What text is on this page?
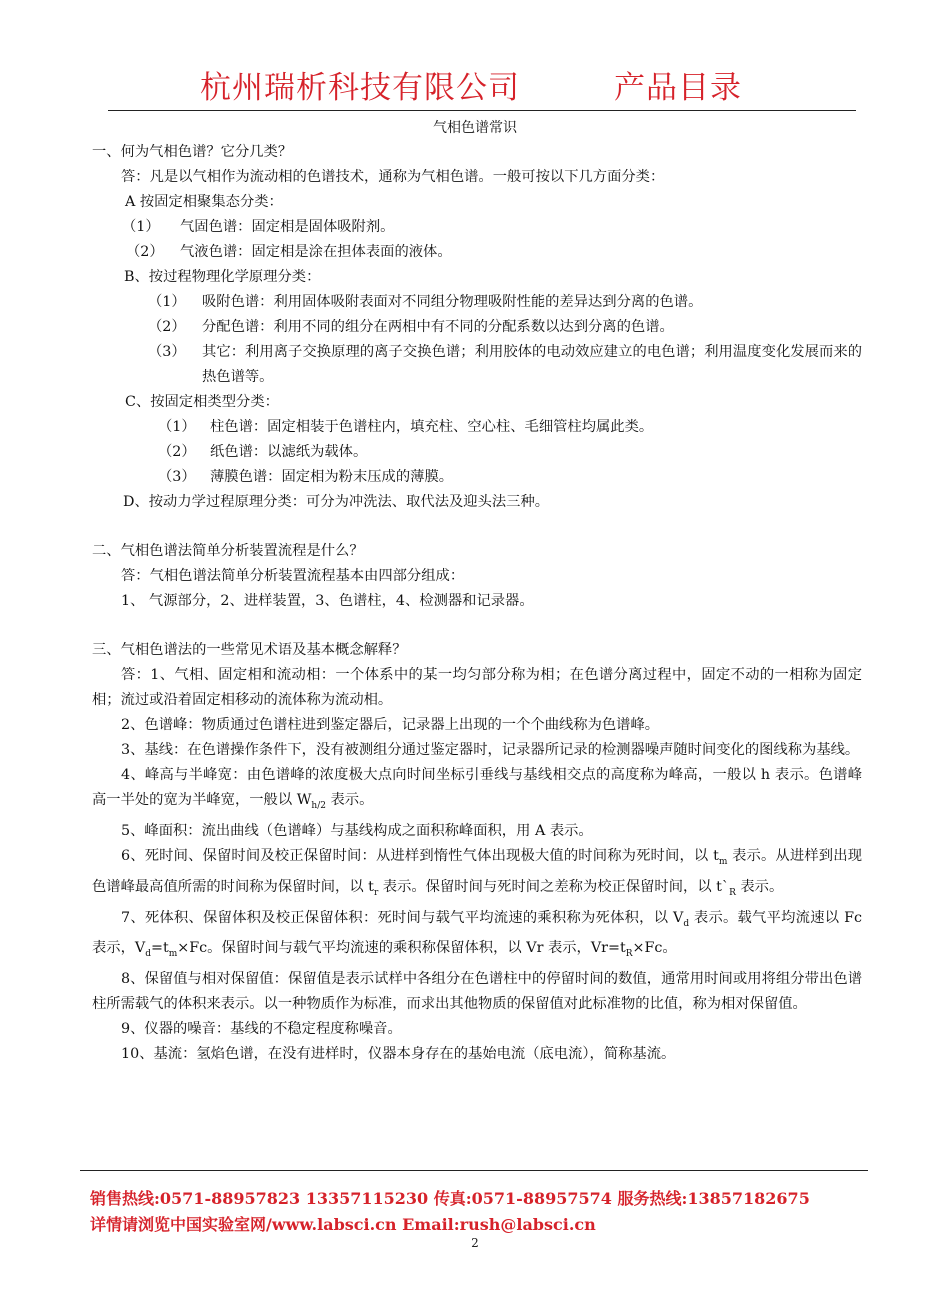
杭州瑞析科技有限公司	产品目录
气相色谱常识
一、何为气相色谱？它分几类？
答：凡是以气相作为流动相的色谱技术，通称为气相色谱。一般可按以下几方面分类：
A 按固定相聚集态分类：
（1） 气固色谱：固定相是固体吸附剂。
（2） 气液色谱：固定相是涂在担体表面的液体。
B、按过程物理化学原理分类：
（1） 吸附色谱：利用固体吸附表面对不同组分物理吸附性能的差异达到分离的色谱。
（2） 分配色谱：利用不同的组分在两相中有不同的分配系数以达到分离的色谱。
（3）	其它：利用离子交换原理的离子交换色谱；利用胶体的电动效应建立的电色谱；利用温度变化发展而来的热色谱等。
C、按固定相类型分类：
（1） 柱色谱：固定相装于色谱柱内，填充柱、空心柱、毛细管柱均属此类。
（2） 纸色谱：以滤纸为载体。
（3） 薄膜色谱：固定相为粉末压成的薄膜。
D、按动力学过程原理分类：可分为冲洗法、取代法及迎头法三种。
二、气相色谱法简单分析装置流程是什么？
答：气相色谱法简单分析装置流程基本由四部分组成：
1、 气源部分，2、进样装置，3、色谱柱，4、检测器和记录器。
三、气相色谱法的一些常见术语及基本概念解释？
答：1、气相、固定相和流动相：一个体系中的某一均匀部分称为相；在色谱分离过程中，固定不动的一相称为固定相；流过或沿着固定相移动的流体称为流动相。
2、色谱峰：物质通过色谱柱进到鉴定器后，记录器上出现的一个个曲线称为色谱峰。
3、基线：在色谱操作条件下，没有被测组分通过鉴定器时，记录器所记录的检测器噪声随时间变化的图线称为基线。
4、峰高与半峰宽：由色谱峰的浓度极大点向时间坐标引垂线与基线相交点的高度称为峰高，一般以 h 表示。色谱峰高一半处的宽为半峰宽，一般以 $W_{h/2}$ 表示。
5、峰面积：流出曲线（色谱峰）与基线构成之面积称峰面积，用 A 表示。
6、死时间、保留时间及校正保留时间：从进样到惰性气体出现极大值的时间称为死时间，以 $t_m$ 表示。从进样到出现色谱峰最高值所需的时间称为保留时间，以 $t_r$ 表示。保留时间与死时间之差称为校正保留时间，以 $t`_R$ 表示。
7、死体积、保留体积及校正保留体积：死时间与载气平均流速的乘积称为死体积，以 $V_d$ 表示。载气平均流速以 Fc 表示，$V_d=t_m\times Fc$。保留时间与载气平均流速的乘积称保留体积，以 Vr 表示，$Vr=t_R\times Fc$。
8、保留值与相对保留值：保留值是表示试样中各组分在色谱柱中的停留时间的数值，通常用时间或用将组分带出色谱柱所需载气的体积来表示。以一种物质作为标准，而求出其他物质的保留值对此标准物的比值，称为相对保留值。
9、仪器的噪音：基线的不稳定程度称噪音。
10、基流：氢焰色谱，在没有进样时，仪器本身存在的基始电流（底电流），简称基流。
销售热线:0571-88957823 13357115230 传真:0571-88957574 服务热线:13857182675
详情请浏览中国实验室网/www.labsci.cn Email:rush@labsci.cn
2
